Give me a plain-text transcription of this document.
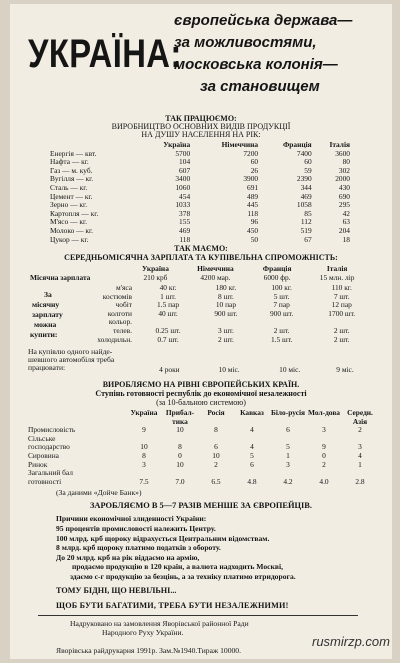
УКРАЇНА:
європейська держава—
за можливостями,
московська колонія—
за становищем
ТАК ПРАЦЮЄМО:
ВИРОБНИЦТВО ОСНОВНИХ ВИДІВ ПРОДУКЦІЇ
НА ДУШУ НАСЕЛЕННЯ НА РІК:
	Україна	Німеччина	Франція	Італія
Енергія — квт.	5700	7200	7400	3600
Нафта — кг.	104	60	60	80
Газ — м. куб.	607	26	59	302
Вугілля — кг.	3400	3900	2390	2000
Сталь — кг.	1060	691	344	430
Цемент — кг.	454	489	469	690
Зерно — кг.	1033	445	1058	295
Картопля — кг.	378	118	85	42
М'ясо — кг.	155	96	112	63
Молоко — кг.	469	450	519	204
Цукор — кг.	118	50	67	18
ТАК МАЄМО:
СЕРЕДНЬОМІСЯЧНА ЗАРПЛАТА ТА КУПІВЕЛЬНА СПРОМОЖНІСТЬ:
	Україна	Німеччина	Франція	Італія
Місячна зарплата	210 крб	4200 мар.	6000 фр.	15 млн. лір
За
місячну
зарплату
можна
купити:
м'яса	40 кг.	180 кг.	100 кг.	110 кг.
костюмів	1 шт.	8 шт.	5 шт.	7 шт.
чобіт	1.5 пар	10 пар	7 пар	12 пар
колготи	40 шт.	900 шт.	900 шт.	1700 шт.
кольор.				
телев.	0.25 шт.	3 шт.	2 шт.	2 шт.
холодильн.	0.7 шт.	2 шт.	1.5 шт.	2 шт.
На купівлю одного найде-
шевшого автомобіля треба
працювати:	4 роки	10 міс.	10 міс.	9 міс.
ВИРОБЛЯЄМО НА РІВНІ ЄВРОПЕЙСЬКИХ КРАЇН.
Ступінь готовності республік до економічної незалежності
(за 10-бальною системою)
	Україна	Прибал-тика	Росія	Кавказ	Біло-русія	Мол-дова	Середн. Азія
Промисловість	9	10	8	4	6	3	2
Сільське							
господарство	10	8	6	4	5	9	3
Сировина	8	0	10	5	1	0	4
Ринок	3	10	2	6	3	2	1
Загальний бал							
готовності	7.5	7.0	6.5	4.8	4.2	4.0	2.8
(За даними «Дойче Банк»)
ЗАРОБЛЯЄМО В 5—7 РАЗІВ МЕНШЕ ЗА ЄВРОПЕЙЦІВ.
Причини економічної злиденності України:
95 процентів промисловості належить Центру.
100 млрд. крб щороку відрахується Центральним відомствам.
8 млрд. крб щороку платимо податків з обороту.
До 20 млрд. крб на рік віддаємо на армію,
продаємо продукцію в 120 країн, а валюта надходить Москві,
здаємо с-г продукцію за безцінь, а за техніку платимо втридорога.
ТОМУ БІДНІ, ЩО НЕВІЛЬНІ...
ЩОБ БУТИ БАГАТИМИ, ТРЕБА БУТИ НЕЗАЛЕЖНИМИ!
Надруковано на замовлення Яворівської районної Ради
Народного Руху України.
Яворівська райдрукарня 1991р. Зам.№1940.Тираж 10000.
rusmirzp.com
